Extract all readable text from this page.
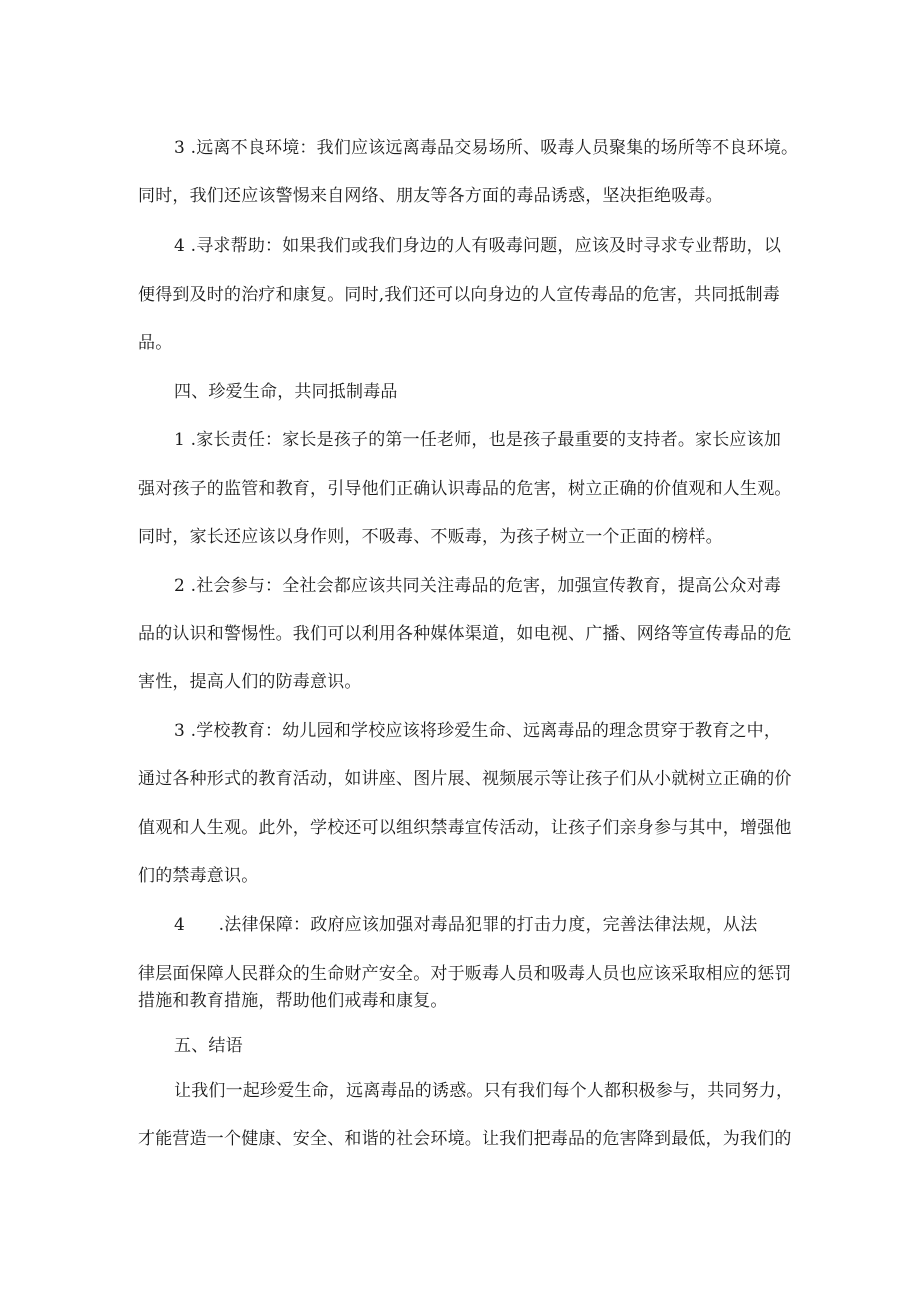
3 .远离不良环境：我们应该远离毒品交易场所、吸毒人员聚集的场所等不良环境。
同时，我们还应该警惕来自网络、朋友等各方面的毒品诱惑，坚决拒绝吸毒。
4 .寻求帮助：如果我们或我们身边的人有吸毒问题，应该及时寻求专业帮助，以
便得到及时的治疗和康复。同时,我们还可以向身边的人宣传毒品的危害，共同抵制毒
品。
四、珍爱生命，共同抵制毒品
1 .家长责任：家长是孩子的第一任老师，也是孩子最重要的支持者。家长应该加
强对孩子的监管和教育，引导他们正确认识毒品的危害，树立正确的价值观和人生观。
同时，家长还应该以身作则，不吸毒、不贩毒，为孩子树立一个正面的榜样。
2 .社会参与：全社会都应该共同关注毒品的危害，加强宣传教育，提高公众对毒
品的认识和警惕性。我们可以利用各种媒体渠道，如电视、广播、网络等宣传毒品的危
害性，提高人们的防毒意识。
3 .学校教育：幼儿园和学校应该将珍爱生命、远离毒品的理念贯穿于教育之中，
通过各种形式的教育活动，如讲座、图片展、视频展示等让孩子们从小就树立正确的价
值观和人生观。此外，学校还可以组织禁毒宣传活动，让孩子们亲身参与其中，增强他
们的禁毒意识。
4      .法律保障：政府应该加强对毒品犯罪的打击力度，完善法律法规，从法
律层面保障人民群众的生命财产安全。对于贩毒人员和吸毒人员也应该采取相应的惩罚
措施和教育措施，帮助他们戒毒和康复。
五、结语
让我们一起珍爱生命，远离毒品的诱惑。只有我们每个人都积极参与，共同努力，
才能营造一个健康、安全、和谐的社会环境。让我们把毒品的危害降到最低，为我们的
